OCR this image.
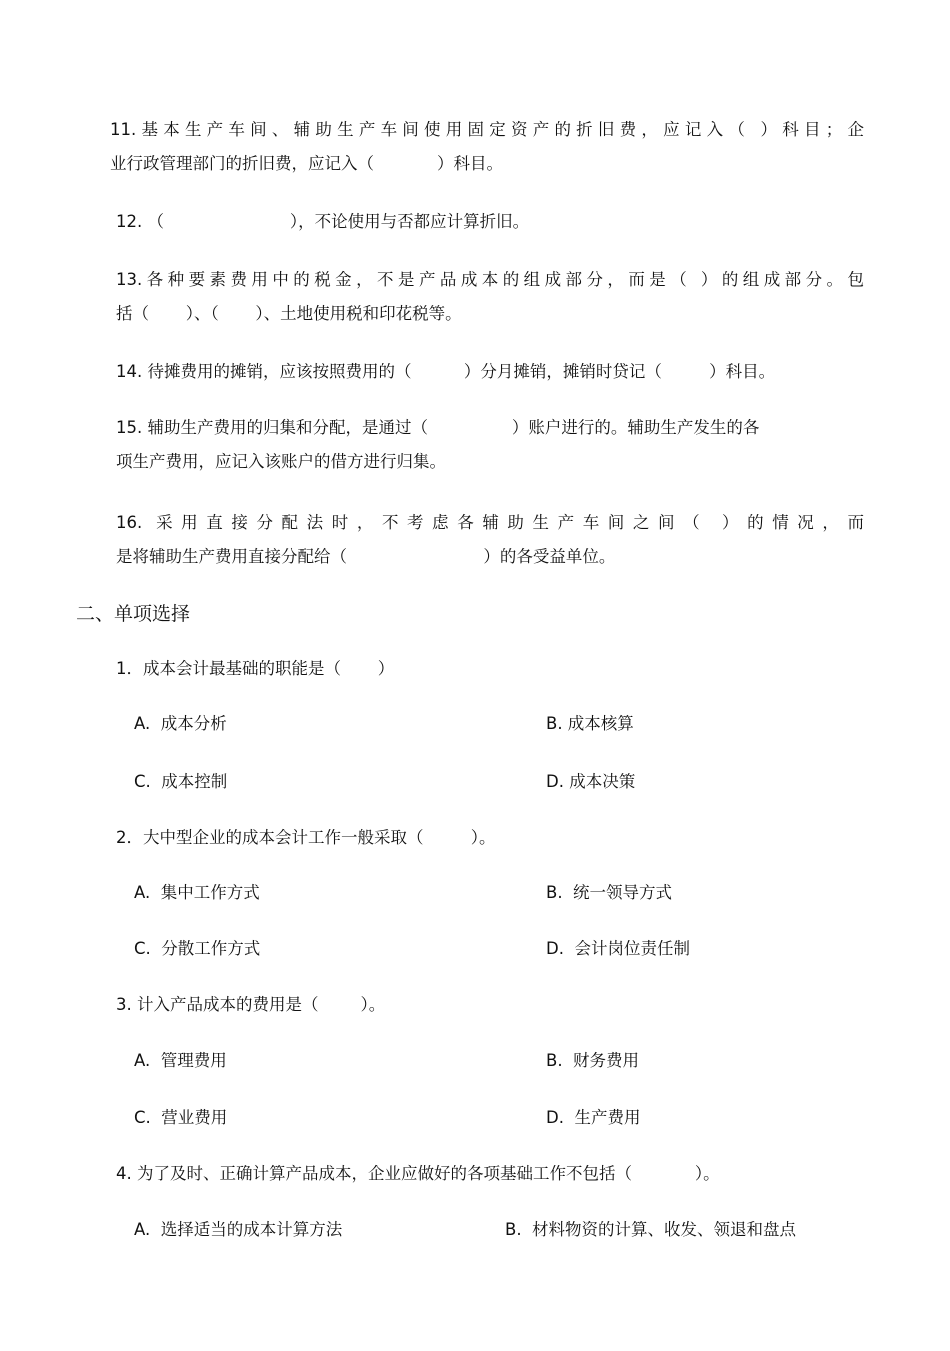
11.基本生产车间、辅助生产车间使用固定资产的折旧费，应记入（ ）科目；企
业行政管理部门的折旧费，应记入（            ）科目。
12. （                        ），不论使用与否都应计算折旧。
13.各种要素费用中的税金，不是产品成本的组成部分，而是（ ）的组成部分。包
括（       ）、（       ）、土地使用税和印花税等。
14. 待摊费用的摊销，应该按照费用的（          ）分月摊销，摊销时贷记（         ）科目。
15. 辅助生产费用的归集和分配，是通过（                ）账户进行的。辅助生产发生的各
项生产费用，应记入该账户的借方进行归集。
16. 采用直接分配法时，不考虑各辅助生产车间之间（ ）的情况，而
是将辅助生产费用直接分配给（                          ）的各受益单位。
二、单项选择
1．成本会计最基础的职能是（       ）
A.  成本分析	B. 成本核算
C.  成本控制	D. 成本决策
2．大中型企业的成本会计工作一般采取（         ）。
A.  集中工作方式	B.  统一领导方式
C.  分散工作方式	D.  会计岗位责任制
3. 计入产品成本的费用是（        ）。
A.  管理费用	B.  财务费用
C.  营业费用	D.  生产费用
4. 为了及时、正确计算产品成本，企业应做好的各项基础工作不包括（            ）。
A.  选择适当的成本计算方法	B.  材料物资的计算、收发、领退和盘点
